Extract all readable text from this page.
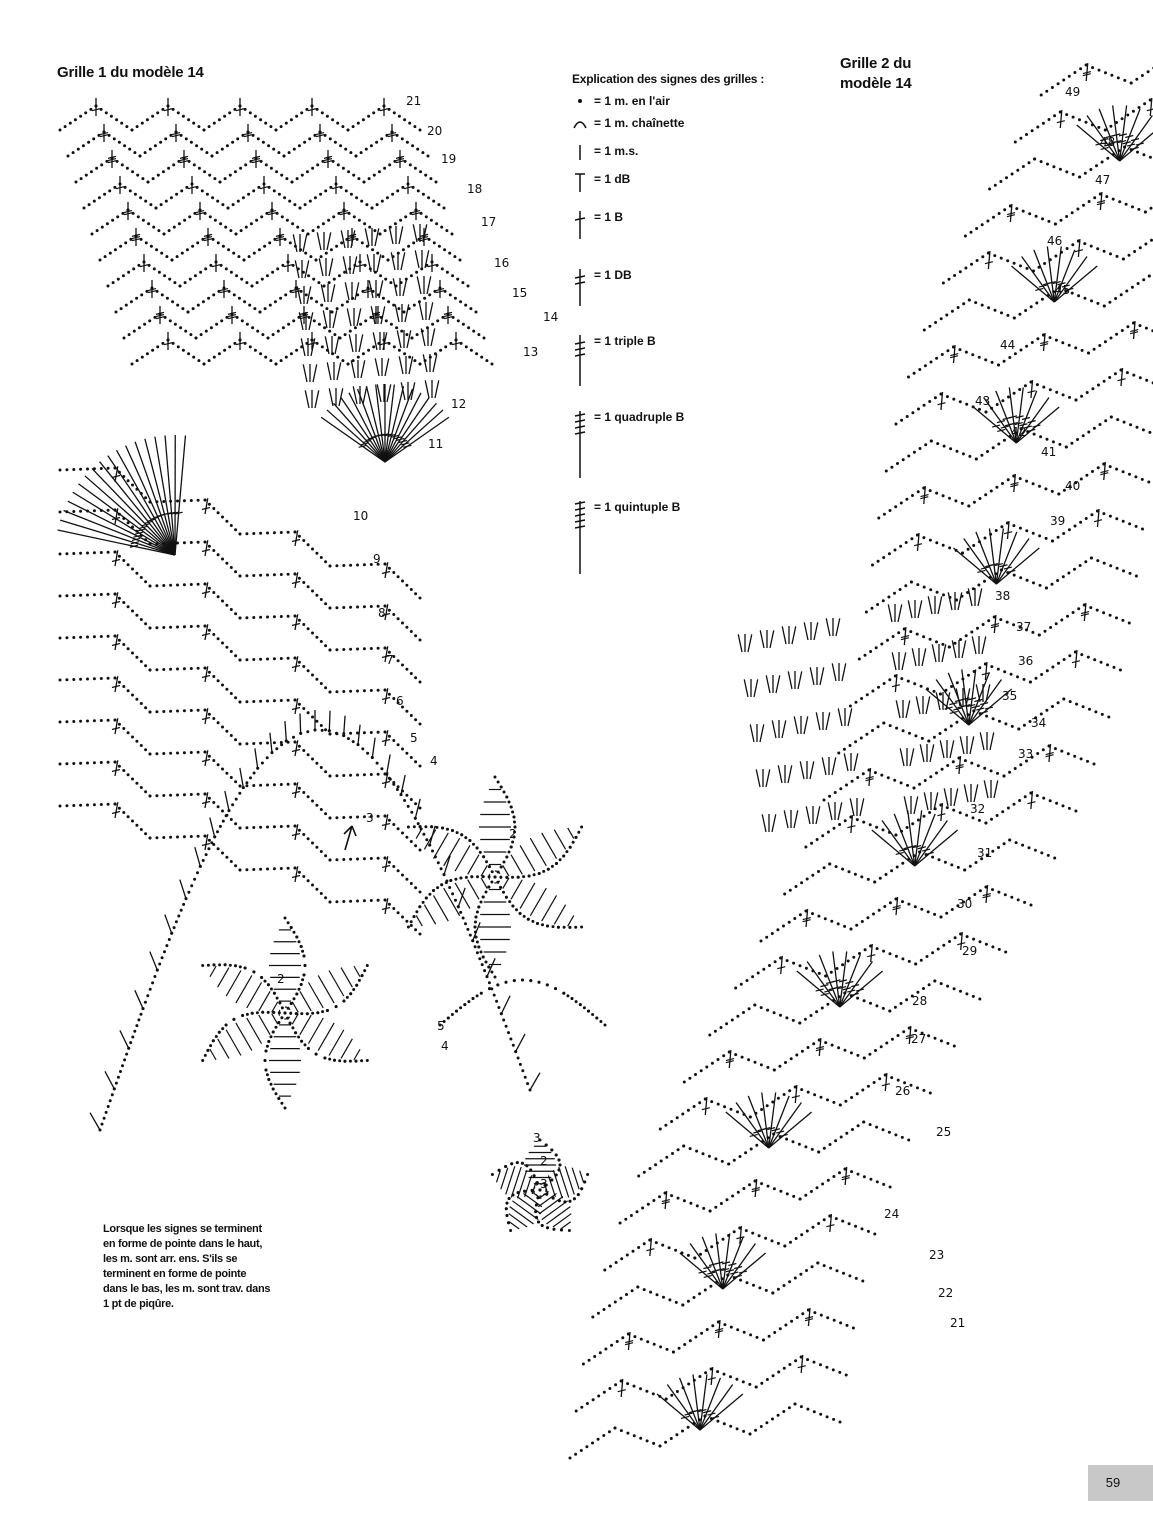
Grille 1 du modèle 14
Grille 2 du
modèle 14
Explication des signes des grilles :
= 1 m. en l'air
= 1 m. chaînette
= 1 m.s.
= 1 dB
= 1 B
= 1 DB
= 1 triple B
= 1 quadruple B
= 1 quintuple B
3
4
5
6
7
8
9
10
11
12
13
14
15
16
17
18
19
20
21
21
22
23
24
25
26
27
28
29
30
31
32
33
34
35
36
37
38
39
40
41
42
43
44
45
46
47
48
49
2
2
3
4
5
2
3
Lorsque les signes se terminent en forme de pointe dans le haut, les m. sont arr. ens. S'ils se terminent en forme de pointe dans le bas, les m. sont trav. dans 1 pt de piqûre.
59
